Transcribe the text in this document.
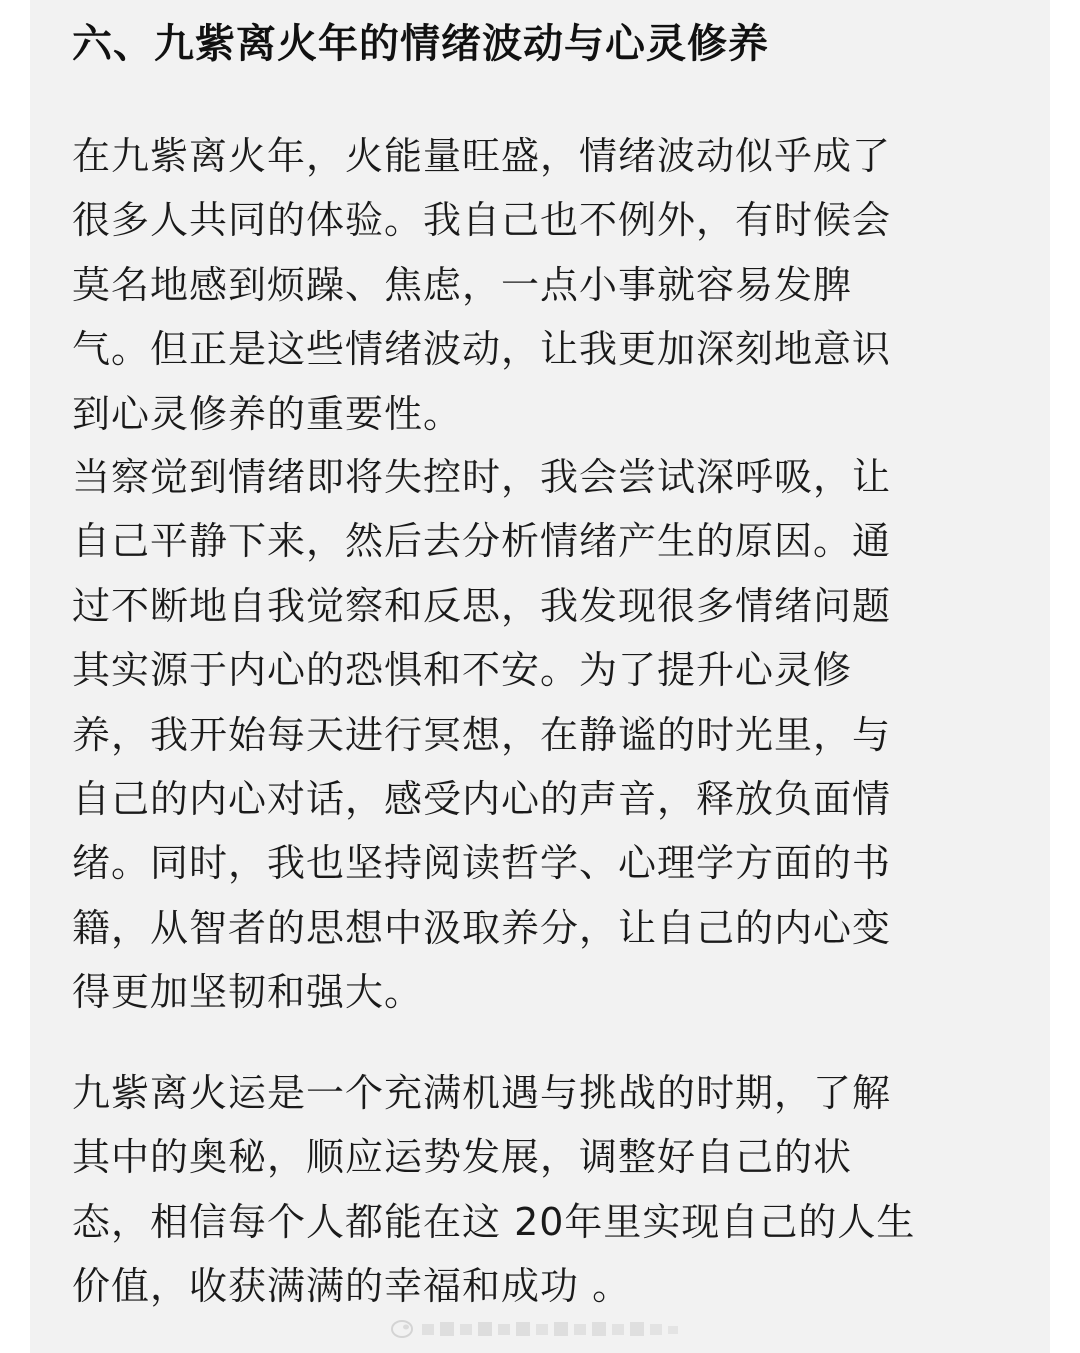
六、九紫离火年的情绪波动与心灵修养
在九紫离火年，火能量旺盛，情绪波动似乎成了
很多人共同的体验。我自己也不例外，有时候会
莫名地感到烦躁、焦虑，一点小事就容易发脾
气。但正是这些情绪波动，让我更加深刻地意识
到心灵修养的重要性。
当察觉到情绪即将失控时，我会尝试深呼吸，让
自己平静下来，然后去分析情绪产生的原因。通
过不断地自我觉察和反思，我发现很多情绪问题
其实源于内心的恐惧和不安。为了提升心灵修
养，我开始每天进行冥想，在静谧的时光里，与
自己的内心对话，感受内心的声音，释放负面情
绪。同时，我也坚持阅读哲学、心理学方面的书
籍，从智者的思想中汲取养分，让自己的内心变
得更加坚韧和强大。
九紫离火运是一个充满机遇与挑战的时期，了解
其中的奥秘，顺应运势发展，调整好自己的状
态，相信每个人都能在这 20年里实现自己的人生
价值，收获满满的幸福和成功 。
